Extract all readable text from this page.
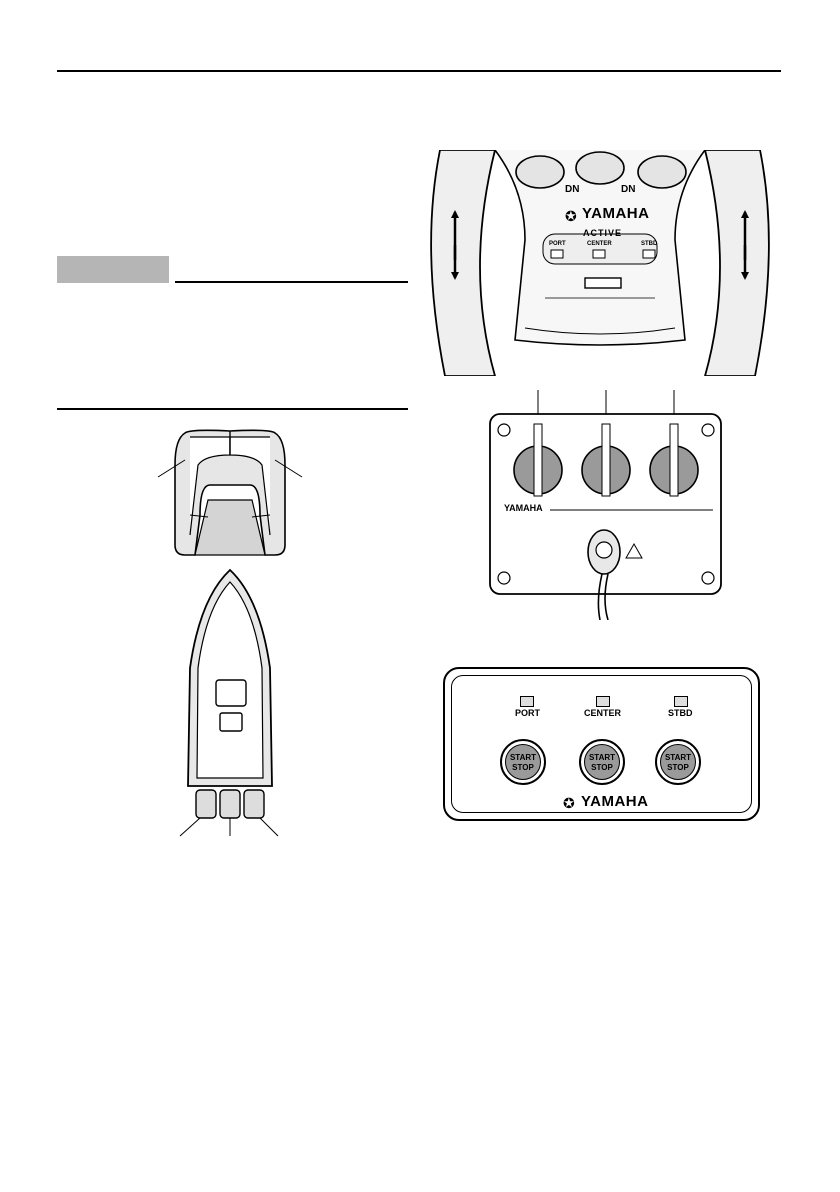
DN	DN
✪ YAMAHA
ACTIVE
PORT	CENTER	STBD
YAMAHA
PORT	CENTER	STBD
START
STOP
START
STOP
START
STOP
✪ YAMAHA
